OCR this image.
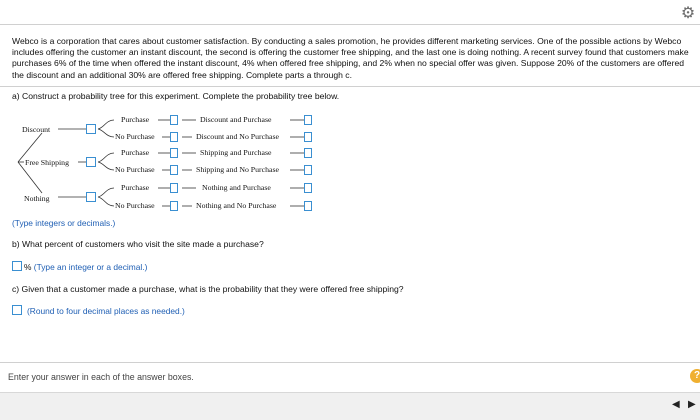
⚙
Webco is a corporation that cares about customer satisfaction. By conducting a sales promotion, he provides different marketing services. One of the possible actions by Webco includes offering the customer an instant discount, the second is offering the customer free shipping, and the last one is doing nothing. A recent survey found that customers make purchases 6% of the time when offered the instant discount, 4% when offered free shipping, and 2% when no special offer was given. Suppose 20% of the customers are offered the discount and an additional 30% are offered free shipping. Complete parts a through c.
a) Construct a probability tree for this experiment. Complete the probability tree below.
Discount
Free Shipping
Nothing
Purchase
No Purchase
Purchase
No Purchase
Purchase
No Purchase
Discount and Purchase
Discount and No Purchase
Shipping and Purchase
Shipping and No Purchase
Nothing and Purchase
Nothing and No Purchase
(Type integers or decimals.)
b) What percent of customers who visit the site made a purchase?
% (Type an integer or a decimal.)
c) Given that a customer made a purchase, what is the probability that they were offered free shipping?
(Round to four decimal places as needed.)
Enter your answer in each of the answer boxes.	?
◀ ▶
